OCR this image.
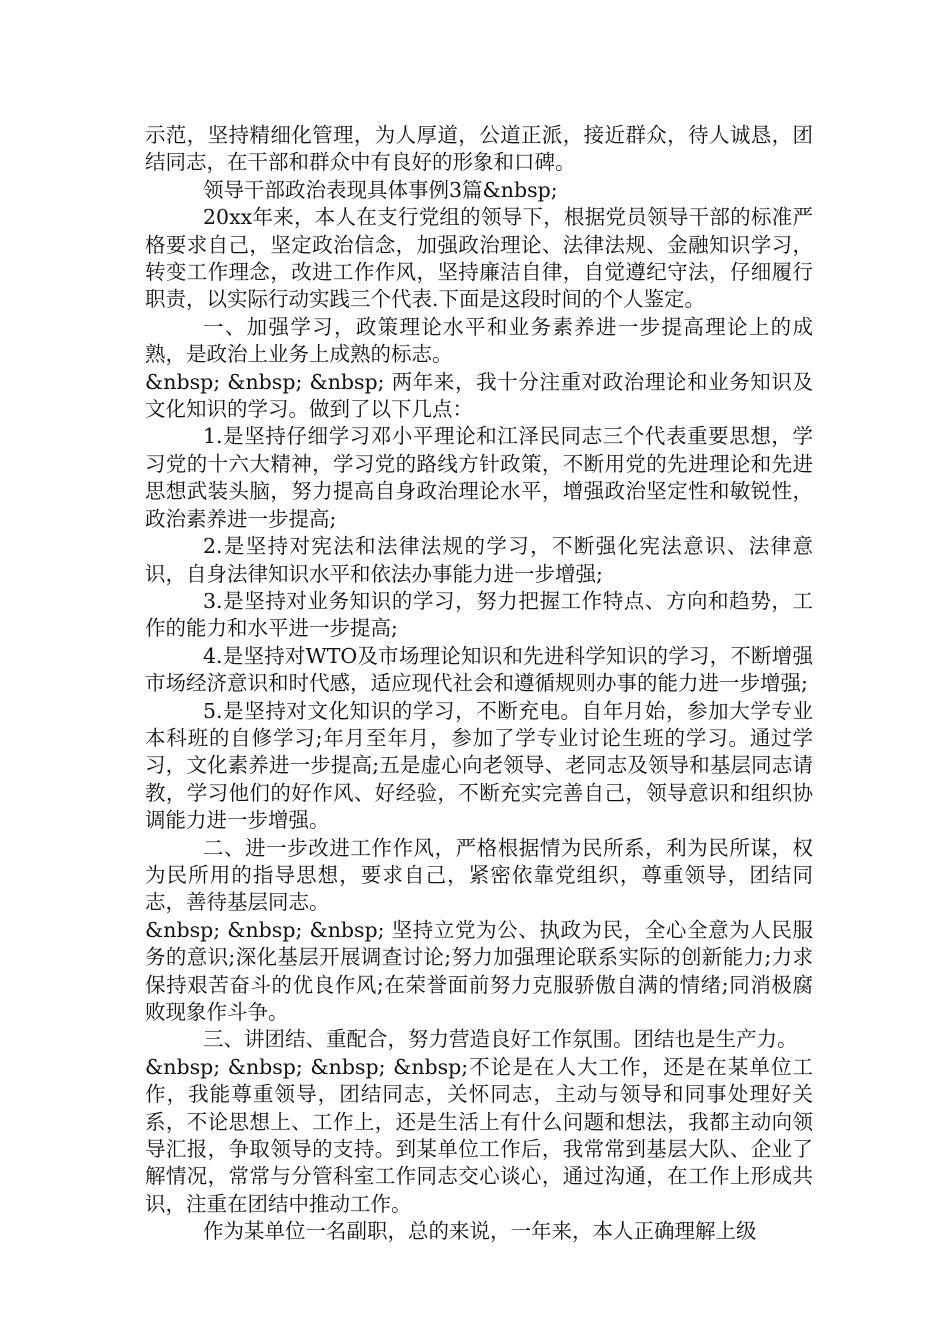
示范，坚持精细化管理，为人厚道，公道正派，接近群众，待人诚恳，团结同志，在干部和群众中有良好的形象和口碑。

领导干部政治表现具体事例3篇&nbsp;

20xx年来，本人在支行党组的领导下，根据党员领导干部的标准严格要求自己，坚定政治信念，加强政治理论、法律法规、金融知识学习，转变工作理念，改进工作作风，坚持廉洁自律，自觉遵纪守法，仔细履行职责，以实际行动实践三个代表.下面是这段时间的个人鉴定。

一、加强学习，政策理论水平和业务素养进一步提高理论上的成熟，是政治上业务上成熟的标志。

&nbsp; &nbsp; &nbsp; 两年来，我十分注重对政治理论和业务知识及文化知识的学习。做到了以下几点：

1.是坚持仔细学习邓小平理论和江泽民同志三个代表重要思想，学习党的十六大精神，学习党的路线方针政策，不断用党的先进理论和先进思想武装头脑，努力提高自身政治理论水平，增强政治坚定性和敏锐性，政治素养进一步提高;

2.是坚持对宪法和法律法规的学习，不断强化宪法意识、法律意识，自身法律知识水平和依法办事能力进一步增强;

3.是坚持对业务知识的学习，努力把握工作特点、方向和趋势，工作的能力和水平进一步提高;

4.是坚持对WTO及市场理论知识和先进科学知识的学习，不断增强市场经济意识和时代感，适应现代社会和遵循规则办事的能力进一步增强;

5.是坚持对文化知识的学习，不断充电。自年月始，参加大学专业本科班的自修学习;年月至年月，参加了学专业讨论生班的学习。通过学习，文化素养进一步提高;五是虚心向老领导、老同志及领导和基层同志请教，学习他们的好作风、好经验，不断充实完善自己，领导意识和组织协调能力进一步增强。

二、进一步改进工作作风，严格根据情为民所系，利为民所谋，权为民所用的指导思想，要求自己，紧密依靠党组织，尊重领导，团结同志，善待基层同志。

&nbsp; &nbsp; &nbsp; 坚持立党为公、执政为民，全心全意为人民服务的意识;深化基层开展调查讨论;努力加强理论联系实际的创新能力;力求保持艰苦奋斗的优良作风;在荣誉面前努力克服骄傲自满的情绪;同消极腐败现象作斗争。

三、讲团结、重配合，努力营造良好工作氛围。团结也是生产力。

&nbsp; &nbsp; &nbsp; &nbsp;不论是在人大工作，还是在某单位工作，我能尊重领导，团结同志，关怀同志，主动与领导和同事处理好关系，不论思想上、工作上，还是生活上有什么问题和想法，我都主动向领导汇报，争取领导的支持。到某单位工作后，我常常到基层大队、企业了解情况，常常与分管科室工作同志交心谈心，通过沟通，在工作上形成共识，注重在团结中推动工作。

作为某单位一名副职，总的来说，一年来，本人正确理解上级
